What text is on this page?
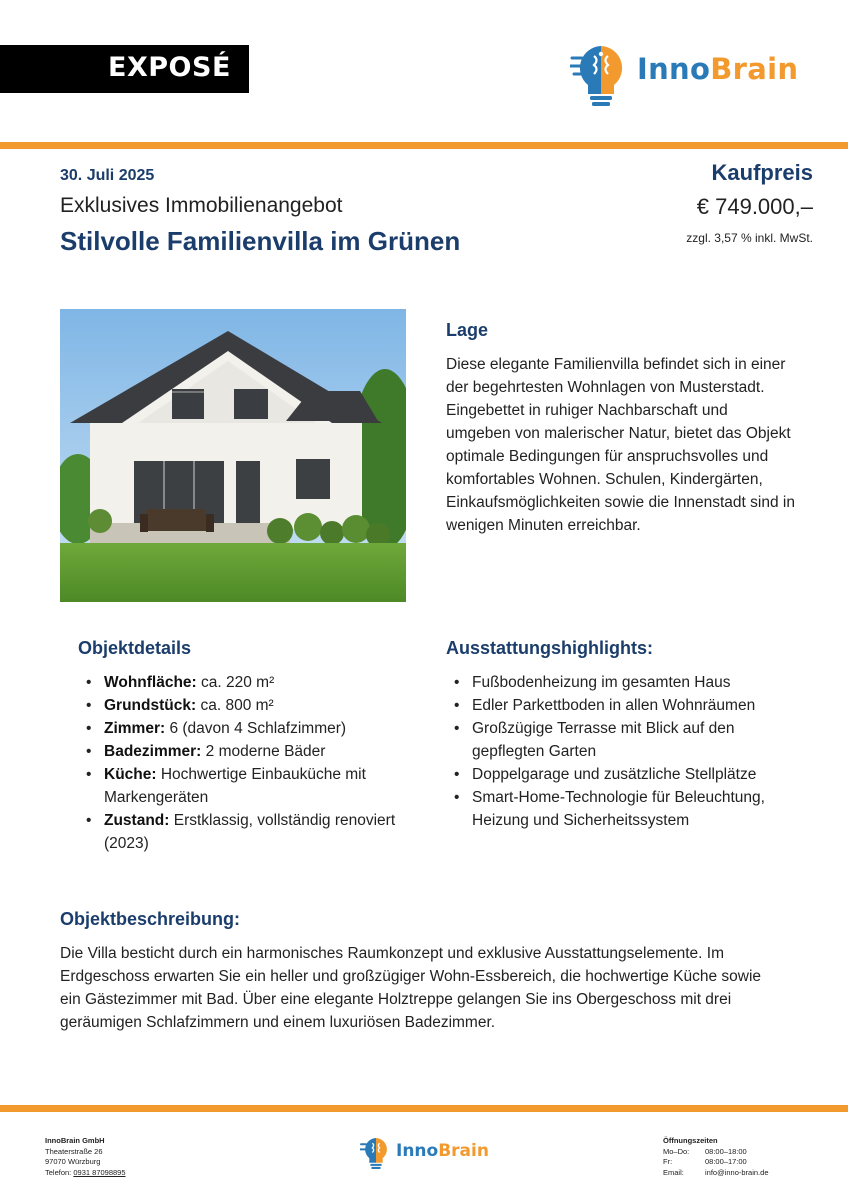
EXPOSÉ	InnoBrain
30. Juli 2025
Exklusives Immobilienangebot
Stilvolle Familienvilla im Grünen
Kaufpreis
€ 749.000,–
zzgl. 3,57 % inkl. MwSt.
Lage
Diese elegante Familienvilla befindet sich in einer der begehrtesten Wohnlagen von Musterstadt. Eingebettet in ruhiger Nachbarschaft und umgeben von malerischer Natur, bietet das Objekt optimale Bedingungen für anspruchsvolles und komfortables Wohnen. Schulen, Kindergärten, Einkaufsmöglichkeiten sowie die Innenstadt sind in wenigen Minuten erreichbar.
Objektdetails
• Wohnfläche: ca. 220 m²
• Grundstück: ca. 800 m²
• Zimmer: 6 (davon 4 Schlafzimmer)
• Badezimmer: 2 moderne Bäder
• Küche: Hochwertige Einbauküche mit Markengeräten
• Zustand: Erstklassig, vollständig renoviert (2023)
Ausstattungshighlights:
• Fußbodenheizung im gesamten Haus
• Edler Parkettboden in allen Wohnräumen
• Großzügige Terrasse mit Blick auf den gepflegten Garten
• Doppelgarage und zusätzliche Stellplätze
• Smart-Home-Technologie für Beleuchtung, Heizung und Sicherheitssystem
Objektbeschreibung:
Die Villa besticht durch ein harmonisches Raumkonzept und exklusive Ausstattungselemente. Im Erdgeschoss erwarten Sie ein heller und großzügiger Wohn-Essbereich, die hochwertige Küche sowie ein Gästezimmer mit Bad. Über eine elegante Holztreppe gelangen Sie ins Obergeschoss mit drei geräumigen Schlafzimmern und einem luxuriösen Badezimmer.
InnoBrain GmbH
Theaterstraße 26
97070 Würzburg
Telefon: 0931 87098895
InnoBrain
Öffnungszeiten
Mo–Do: 08:00–18:00
Fr:	08:00–17:00
Email:	info@inno-brain.de
